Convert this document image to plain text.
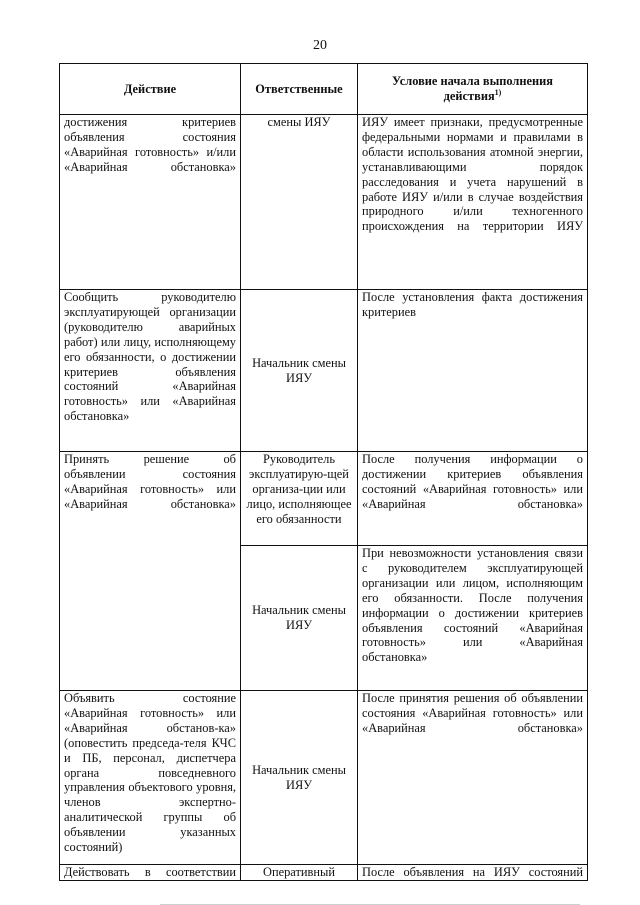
20
Действие	Ответственные	Условие начала выполнения действия$^{1)}$
достижения критериев объявления состояния «Аварийная готовность» и/или «Аварийная обстановка»	смены ИЯУ	ИЯУ имеет признаки, предусмотренные федеральными нормами и правилами в области использования атомной энергии, устанавливающими порядок расследования и учета нарушений в работе ИЯУ и/или в случае воздействия природного и/или техногенного происхождения на территории ИЯУ
Сообщить руководителю эксплуатирующей организации (руководителю аварийных работ) или лицу, исполняющему его обязанности, о достижении критериев объявления состояний «Аварийная готовность» или «Аварийная обстановка»	Начальник смены ИЯУ	После установления факта достижения критериев
Принять решение об объявлении состояния «Аварийная готовность» или «Аварийная обстановка»	Руководитель эксплуатирую-щей организа-ции или лицо, исполняющее его обязанности	После получения информации о достижении критериев объявления состояний «Аварийная готовность» или «Аварийная обстановка»
	Начальник смены ИЯУ	При невозможности установления связи с руководителем эксплуатирующей организации или лицом, исполняющим его обязанности. После получения информации о достижении критериев объявления состояний «Аварийная готовность» или «Аварийная обстановка»
Объявить состояние «Аварийная готовность» или «Аварийная обстанов-ка» (оповестить председа-теля КЧС и ПБ, персонал, диспетчера органа повседневного управления объектового уровня, членов экспертно-аналитической группы об объявлении указанных состояний)	Начальник смены ИЯУ	После принятия решения об объявлении состояния «Аварийная готовность» или «Аварийная обстановка»
Действовать в соответствии	Оперативный	После объявления на ИЯУ состояний
